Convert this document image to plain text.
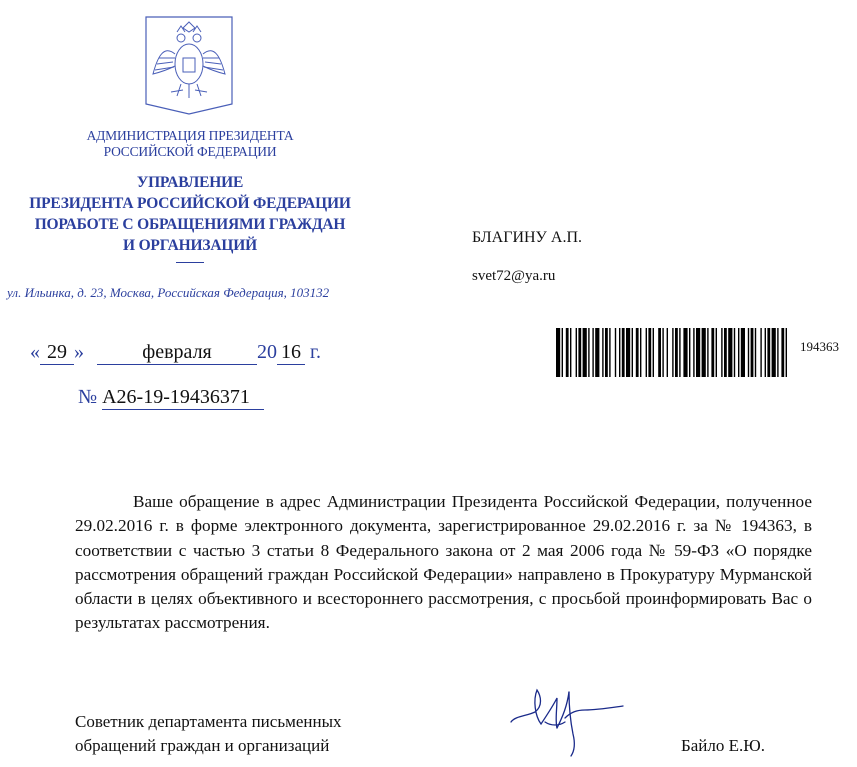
АДМИНИСТРАЦИЯ ПРЕЗИДЕНТА
РОССИЙСКОЙ ФЕДЕРАЦИИ
УПРАВЛЕНИЕ
ПРЕЗИДЕНТА РОССИЙСКОЙ ФЕДЕРАЦИИ
ПОРАБОТЕ С ОБРАЩЕНИЯМИ ГРАЖДАН
И ОРГАНИЗАЦИЙ
ул. Ильинка, д. 23, Москва, Российская Федерация, 103132
БЛАГИНУ А.П.
svet72@ya.ru
194363
« 29 »	февраля 20 16 г.
№ А26-19-19436371
Ваше обращение в адрес Администрации Президента Российской Федерации, полученное 29.02.2016 г. в форме электронного документа, зарегистрированное 29.02.2016 г. за № 194363, в соответствии с частью 3 статьи 8 Федерального закона от 2 мая 2006 года № 59-ФЗ «О порядке рассмотрения обращений граждан Российской Федерации» направлено в Прокуратуру Мурманской области в целях объективного и всестороннего рассмотрения, с просьбой проинформировать Вас о результатах рассмотрения.
Советник департамента письменных
обращений граждан и организаций	Байло Е.Ю.
